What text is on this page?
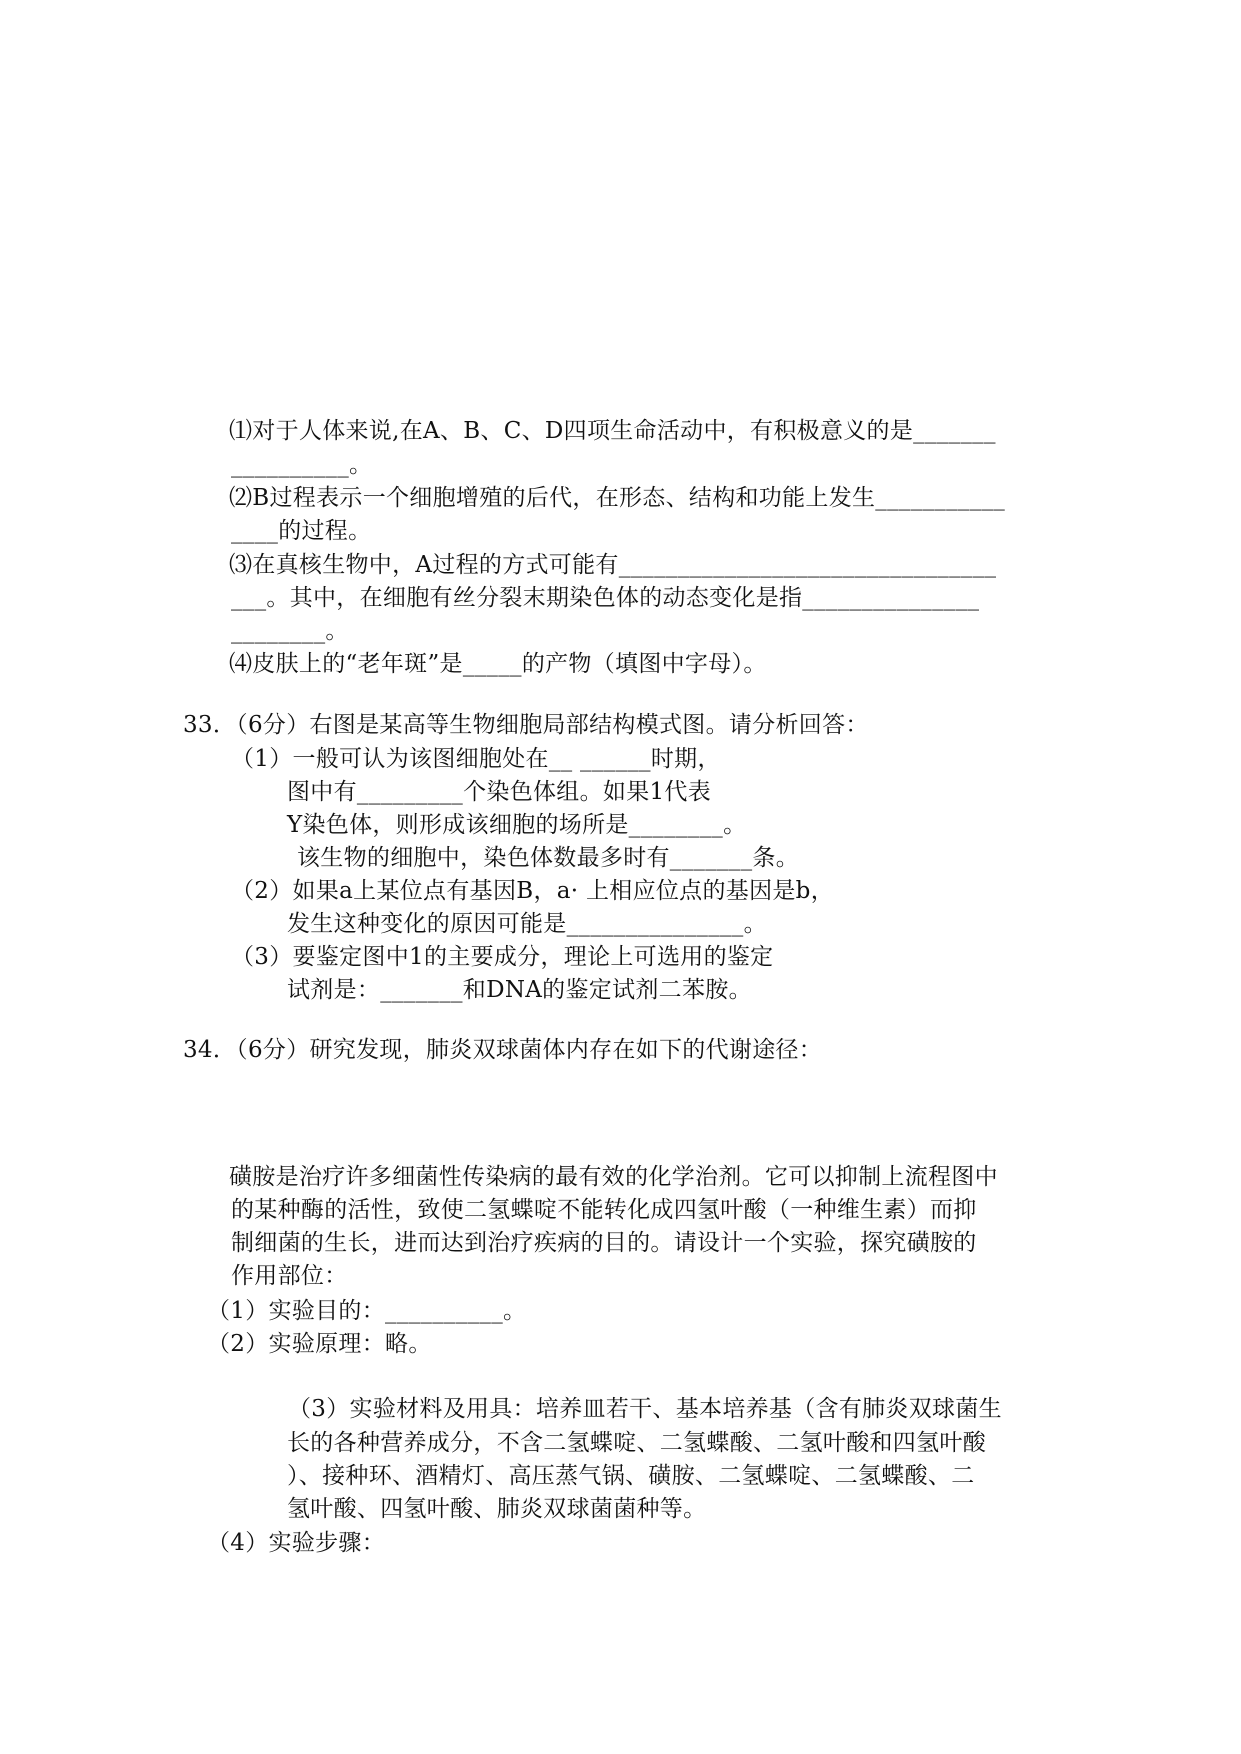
⑴对于人体来说,在A、B、C、D四项生命活动中，有积极意义的是_______
__________。
⑵B过程表示一个细胞增殖的后代，在形态、结构和功能上发生___________
____的过程。
⑶在真核生物中，A过程的方式可能有________________________________
___。其中，在细胞有丝分裂末期染色体的动态变化是指_______________
________。
⑷皮肤上的“老年斑”是_____的产物（填图中字母）。
33．（6分）右图是某高等生物细胞局部结构模式图。请分析回答：
（1）一般可认为该图细胞处在__ ______时期，
图中有_________个染色体组。如果1代表
Y染色体，则形成该细胞的场所是________。
该生物的细胞中，染色体数最多时有_______条。
（2）如果a上某位点有基因B，a· 上相应位点的基因是b，
发生这种变化的原因可能是_______________。
（3）要鉴定图中1的主要成分，理论上可选用的鉴定
试剂是：_______和DNA的鉴定试剂二苯胺。
34．（6分）研究发现，肺炎双球菌体内存在如下的代谢途径：
磺胺是治疗许多细菌性传染病的最有效的化学治剂。它可以抑制上流程图中
的某种酶的活性，致使二氢蝶啶不能转化成四氢叶酸（一种维生素）而抑
制细菌的生长，进而达到治疗疾病的目的。请设计一个实验，探究磺胺的
作用部位：
（1）实验目的：__________。
（2）实验原理：略。
（3）实验材料及用具：培养皿若干、基本培养基（含有肺炎双球菌生
长的各种营养成分，不含二氢蝶啶、二氢蝶酸、二氢叶酸和四氢叶酸
）、接种环、酒精灯、高压蒸气锅、磺胺、二氢蝶啶、二氢蝶酸、二
氢叶酸、四氢叶酸、肺炎双球菌菌种等。
（4）实验步骤：
